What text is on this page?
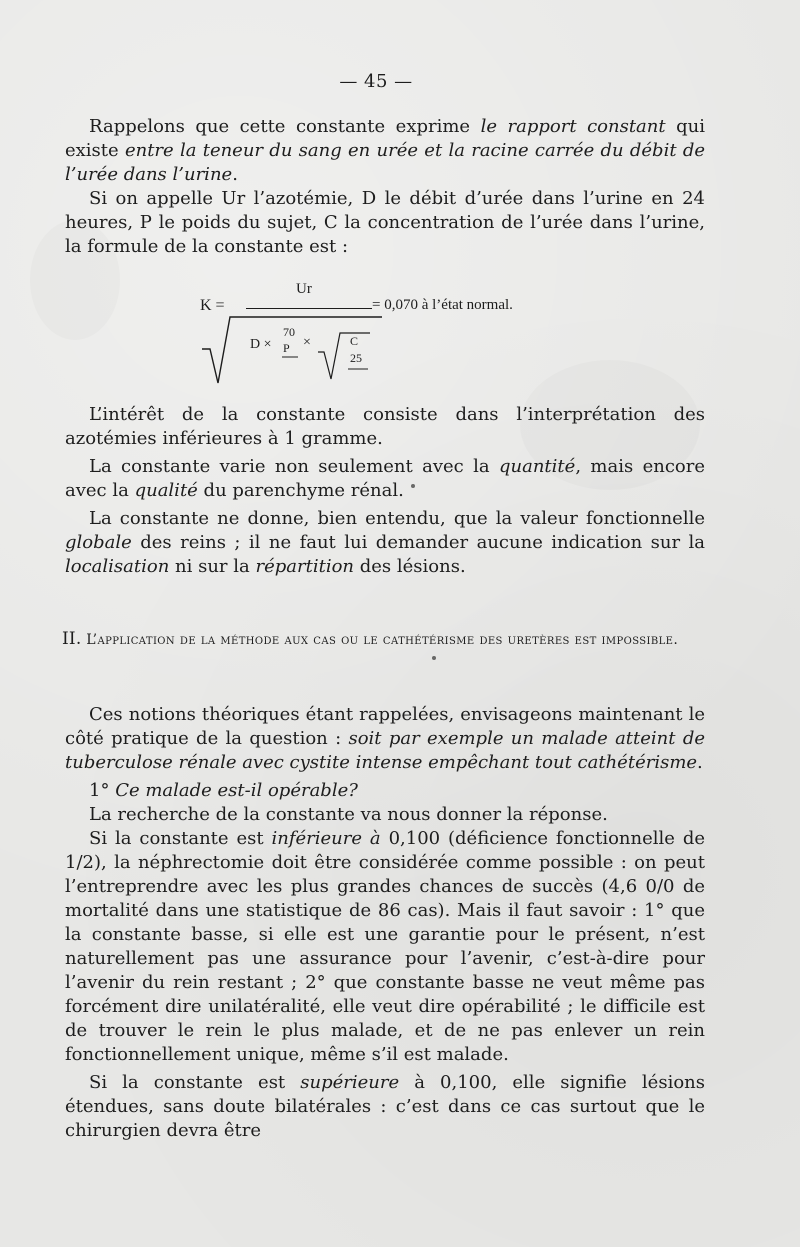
— 45 —
Rappelons que cette constante exprime le rapport constant qui existe entre la teneur du sang en urée et la racine carrée du débit de l’urée dans l’urine.
Si on appelle Ur l’azotémie, D le débit d’urée dans l’urine en 24 heures, P le poids du sujet, C la concentration de l’urée dans l’urine, la formule de la constante est :
K =
Ur
= 0,070 à l’état normal.
D ×
70
P ×	C
25
L’intérêt de la constante consiste dans l’interprétation des azotémies inférieures à 1 gramme.
La constante varie non seulement avec la quantité, mais encore avec la qualité du parenchyme rénal.
La constante ne donne, bien entendu, que la valeur fonctionnelle globale des reins ; il ne faut lui demander aucune indication sur la localisation ni sur la répartition des lésions.
II. L’application de la méthode aux cas ou le cathétérisme des uretères est impossible.
Ces notions théoriques étant rappelées, envisageons maintenant le côté pratique de la question : soit par exemple un malade atteint de tuberculose rénale avec cystite intense empêchant tout cathétérisme.
1° Ce malade est-il opérable?
La recherche de la constante va nous donner la réponse.
Si la constante est inférieure à 0,100 (déficience fonctionnelle de 1/2), la néphrectomie doit être considérée comme possible : on peut l’entreprendre avec les plus grandes chances de succès (4,6 0/0 de mortalité dans une statistique de 86 cas). Mais il faut savoir : 1° que la constante basse, si elle est une garantie pour le présent, n’est naturellement pas une assurance pour l’avenir, c’est-à-dire pour l’avenir du rein restant ; 2° que constante basse ne veut même pas forcément dire unilatéralité, elle veut dire opérabilité ; le difficile est de trouver le rein le plus malade, et de ne pas enlever un rein fonctionnellement unique, même s’il est malade.
Si la constante est supérieure à 0,100, elle signifie lésions étendues, sans doute bilatérales : c’est dans ce cas surtout que le chirurgien devra être
